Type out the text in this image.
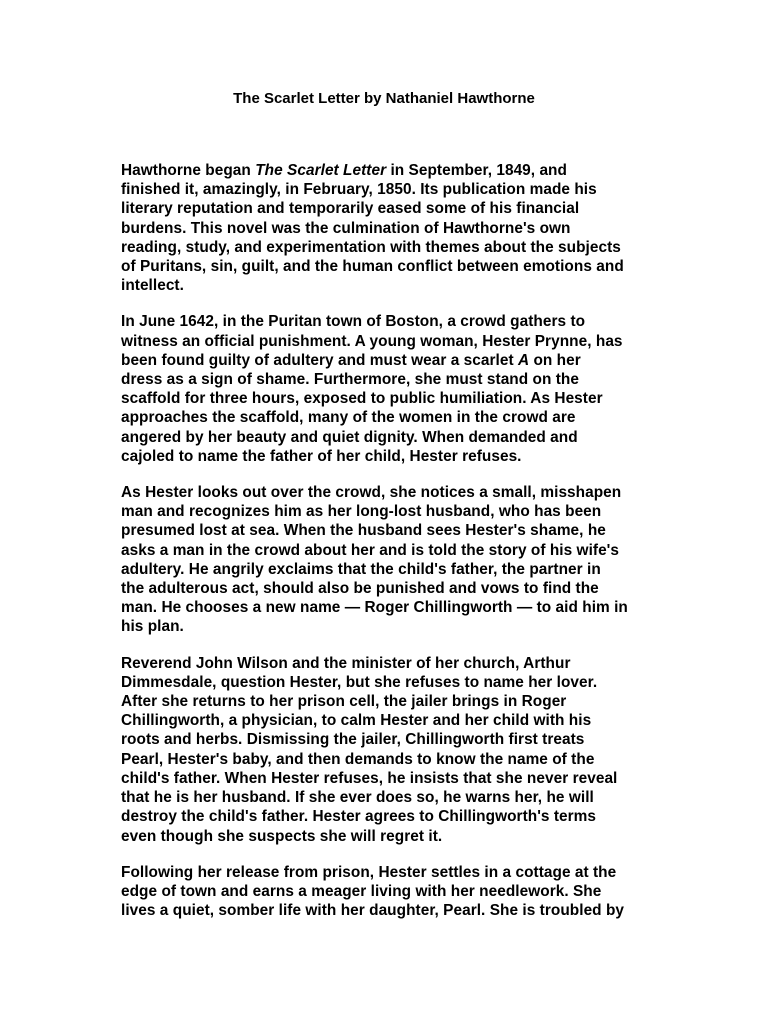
The Scarlet Letter by Nathaniel Hawthorne

Hawthorne began The Scarlet Letter in September, 1849, and
finished it, amazingly, in February, 1850. Its publication made his
literary reputation and temporarily eased some of his financial
burdens. This novel was the culmination of Hawthorne's own
reading, study, and experimentation with themes about the subjects
of Puritans, sin, guilt, and the human conflict between emotions and
intellect.

In June 1642, in the Puritan town of Boston, a crowd gathers to
witness an official punishment. A young woman, Hester Prynne, has
been found guilty of adultery and must wear a scarlet A on her
dress as a sign of shame. Furthermore, she must stand on the
scaffold for three hours, exposed to public humiliation. As Hester
approaches the scaffold, many of the women in the crowd are
angered by her beauty and quiet dignity. When demanded and
cajoled to name the father of her child, Hester refuses.

As Hester looks out over the crowd, she notices a small, misshapen
man and recognizes him as her long-lost husband, who has been
presumed lost at sea. When the husband sees Hester's shame, he
asks a man in the crowd about her and is told the story of his wife's
adultery. He angrily exclaims that the child's father, the partner in
the adulterous act, should also be punished and vows to find the
man. He chooses a new name — Roger Chillingworth — to aid him in
his plan.

Reverend John Wilson and the minister of her church, Arthur
Dimmesdale, question Hester, but she refuses to name her lover.
After she returns to her prison cell, the jailer brings in Roger
Chillingworth, a physician, to calm Hester and her child with his
roots and herbs. Dismissing the jailer, Chillingworth first treats
Pearl, Hester's baby, and then demands to know the name of the
child's father. When Hester refuses, he insists that she never reveal
that he is her husband. If she ever does so, he warns her, he will
destroy the child's father. Hester agrees to Chillingworth's terms
even though she suspects she will regret it.

Following her release from prison, Hester settles in a cottage at the
edge of town and earns a meager living with her needlework. She
lives a quiet, somber life with her daughter, Pearl. She is troubled by
